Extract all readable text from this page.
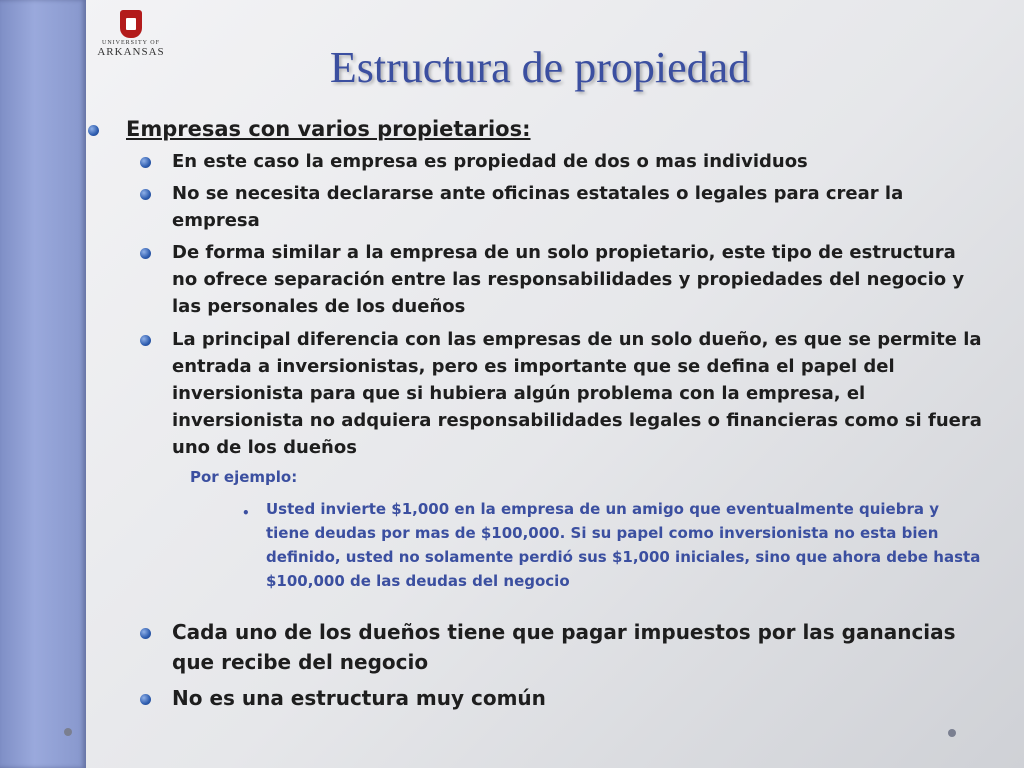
UNIVERSITY OF
ARKANSAS	Estructura de propiedad
Empresas con varios propietarios:
En este caso la empresa es propiedad de dos o mas individuos
No se necesita declararse ante oficinas estatales o legales para crear la empresa
De forma similar a la empresa de un solo propietario, este tipo de estructura no ofrece separación entre las responsabilidades y propiedades del negocio y las personales de los dueños
La principal diferencia con las empresas de un solo dueño, es que se permite la entrada a inversionistas, pero es importante que se defina el papel del inversionista para que si hubiera algún problema con la empresa, el inversionista no adquiera responsabilidades legales o financieras como si fuera uno de los dueños
Por ejemplo:
• Usted invierte $1,000 en la empresa de un amigo que eventualmente quiebra y tiene deudas por mas de $100,000. Si su papel como inversionista no esta bien definido, usted no solamente perdió sus $1,000 iniciales, sino que ahora debe hasta $100,000 de las deudas del negocio
Cada uno de los dueños tiene que pagar impuestos por las ganancias que recibe del negocio
No es una estructura muy común
